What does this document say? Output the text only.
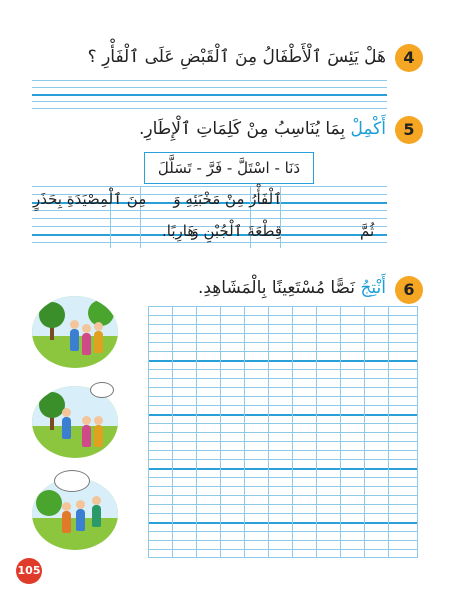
4
هَلْ يَئِسَ ٱلْأَطْفَالُ مِنَ ٱلْقَبْضِ عَلَى ٱلْفَأْرِ ؟
5
أَكْمِلْ بِمَا يُنَاسِبُ مِنْ كَلِمَاتِ ٱلْإِطَارِ.
دَنَا - اسْتَلَّ - فَرَّ - تَسَلَّلَ
ٱلْفَأْرُ مِنْ مَخْبَئِهِ وَ
مِنَ ٱلْمِصْيَدَةِ بِحَذَرٍ
قِطْعَةَ ٱلْجُبْنِ وَ
هَارِبًا.	ثُمَّ
6
أَنْتِجُ نَصًّا مُسْتَعِينًا بِالْمَشَاهِدِ.
105
